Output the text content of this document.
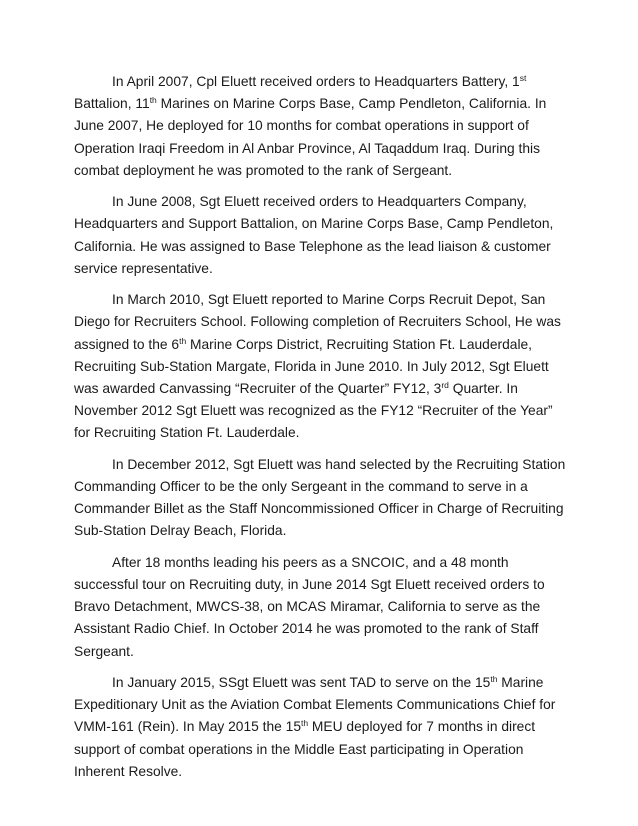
In April 2007, Cpl Eluett received orders to Headquarters Battery, 1st Battalion, 11th Marines on Marine Corps Base, Camp Pendleton, California. In June 2007, He deployed for 10 months for combat operations in support of Operation Iraqi Freedom in Al Anbar Province, Al Taqaddum Iraq. During this combat deployment he was promoted to the rank of Sergeant.

In June 2008, Sgt Eluett received orders to Headquarters Company, Headquarters and Support Battalion, on Marine Corps Base, Camp Pendleton, California. He was assigned to Base Telephone as the lead liaison & customer service representative.

In March 2010, Sgt Eluett reported to Marine Corps Recruit Depot, San Diego for Recruiters School. Following completion of Recruiters School, He was assigned to the 6th Marine Corps District, Recruiting Station Ft. Lauderdale, Recruiting Sub-Station Margate, Florida in June 2010. In July 2012, Sgt Eluett was awarded Canvassing “Recruiter of the Quarter” FY12, 3rd Quarter. In November 2012 Sgt Eluett was recognized as the FY12 “Recruiter of the Year” for Recruiting Station Ft. Lauderdale.

In December 2012, Sgt Eluett was hand selected by the Recruiting Station Commanding Officer to be the only Sergeant in the command to serve in a Commander Billet as the Staff Noncommissioned Officer in Charge of Recruiting Sub-Station Delray Beach, Florida.

After 18 months leading his peers as a SNCOIC, and a 48 month successful tour on Recruiting duty, in June 2014 Sgt Eluett received orders to Bravo Detachment, MWCS-38, on MCAS Miramar, California to serve as the Assistant Radio Chief. In October 2014 he was promoted to the rank of Staff Sergeant.

In January 2015, SSgt Eluett was sent TAD to serve on the 15th Marine Expeditionary Unit as the Aviation Combat Elements Communications Chief for VMM-161 (Rein). In May 2015 the 15th MEU deployed for 7 months in direct support of combat operations in the Middle East participating in Operation Inherent Resolve.
